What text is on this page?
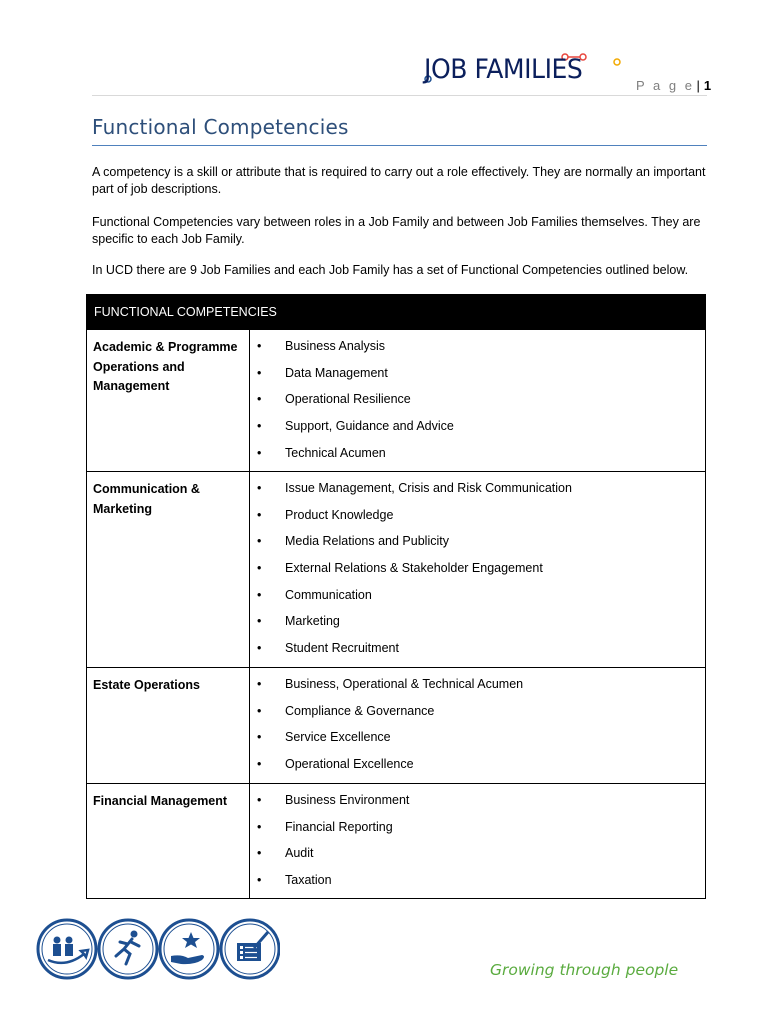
JOB FAMILIES
P a g e | 1
Functional Competencies

A competency is a skill or attribute that is required to carry out a role effectively. They are normally an important part of job descriptions.

Functional Competencies vary between roles in a Job Family and between Job Families themselves. They are specific to each Job Family.

In UCD there are 9 Job Families and each Job Family has a set of Functional Competencies outlined below.

FUNCTIONAL COMPETENCIES
Academic & Programme Operations and Management
• Business Analysis
• Data Management
• Operational Resilience
• Support, Guidance and Advice
• Technical Acumen
Communication & Marketing
• Issue Management, Crisis and Risk Communication
• Product Knowledge
• Media Relations and Publicity
• External Relations & Stakeholder Engagement
• Communication
• Marketing
• Student Recruitment
Estate Operations	• Business, Operational & Technical Acumen
• Compliance & Governance
• Service Excellence
• Operational Excellence
Financial Management	• Business Environment
• Financial Reporting
• Audit
• Taxation
Growing through people
